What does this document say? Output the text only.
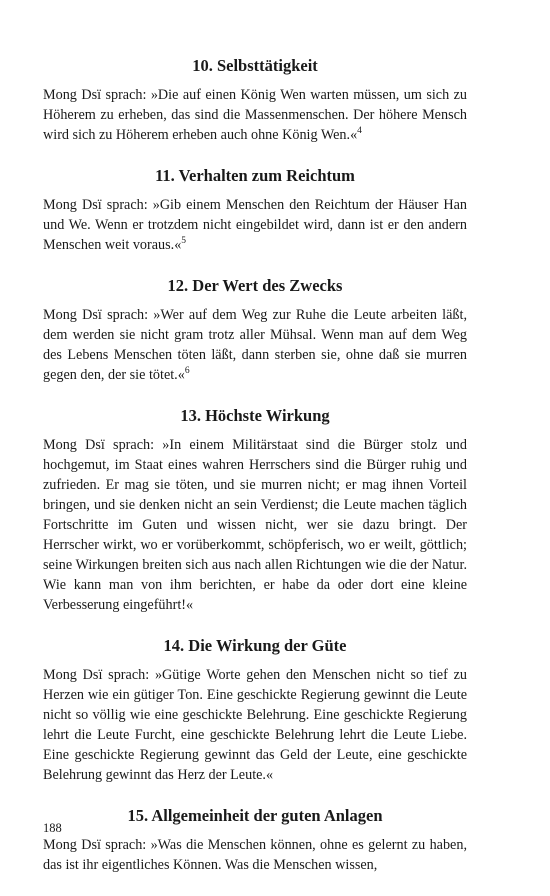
10. Selbsttätigkeit

Mong Dsï sprach: »Die auf einen König Wen warten müssen, um sich zu Höherem zu erheben, das sind die Massenmenschen. Der höhere Mensch wird sich zu Höherem erheben auch ohne König Wen.«$^4$

11. Verhalten zum Reichtum

Mong Dsï sprach: »Gib einem Menschen den Reichtum der Häuser Han und We. Wenn er trotzdem nicht eingebildet wird, dann ist er den andern Menschen weit voraus.«$^5$

12. Der Wert des Zwecks

Mong Dsï sprach: »Wer auf dem Weg zur Ruhe die Leute arbeiten läßt, dem werden sie nicht gram trotz aller Mühsal. Wenn man auf dem Weg des Lebens Menschen töten läßt, dann sterben sie, ohne daß sie murren gegen den, der sie tötet.«$^6$

13. Höchste Wirkung

Mong Dsï sprach: »In einem Militärstaat sind die Bürger stolz und hochgemut, im Staat eines wahren Herrschers sind die Bürger ruhig und zufrieden. Er mag sie töten, und sie murren nicht; er mag ihnen Vorteil bringen, und sie denken nicht an sein Verdienst; die Leute machen täglich Fortschritte im Guten und wissen nicht, wer sie dazu bringt. Der Herrscher wirkt, wo er vorüberkommt, schöpferisch, wo er weilt, göttlich; seine Wirkungen breiten sich aus nach allen Richtungen wie die der Natur. Wie kann man von ihm berichten, er habe da oder dort eine kleine Verbesserung eingeführt!«

14. Die Wirkung der Güte

Mong Dsï sprach: »Gütige Worte gehen den Menschen nicht so tief zu Herzen wie ein gütiger Ton. Eine geschickte Regierung gewinnt die Leute nicht so völlig wie eine geschickte Belehrung. Eine geschickte Regierung lehrt die Leute Furcht, eine geschickte Belehrung lehrt die Leute Liebe. Eine geschickte Regierung gewinnt das Geld der Leute, eine geschickte Belehrung gewinnt das Herz der Leute.«

15. Allgemeinheit der guten Anlagen

Mong Dsï sprach: »Was die Menschen können, ohne es gelernt zu haben, das ist ihr eigentliches Können. Was die Menschen wissen,

188
